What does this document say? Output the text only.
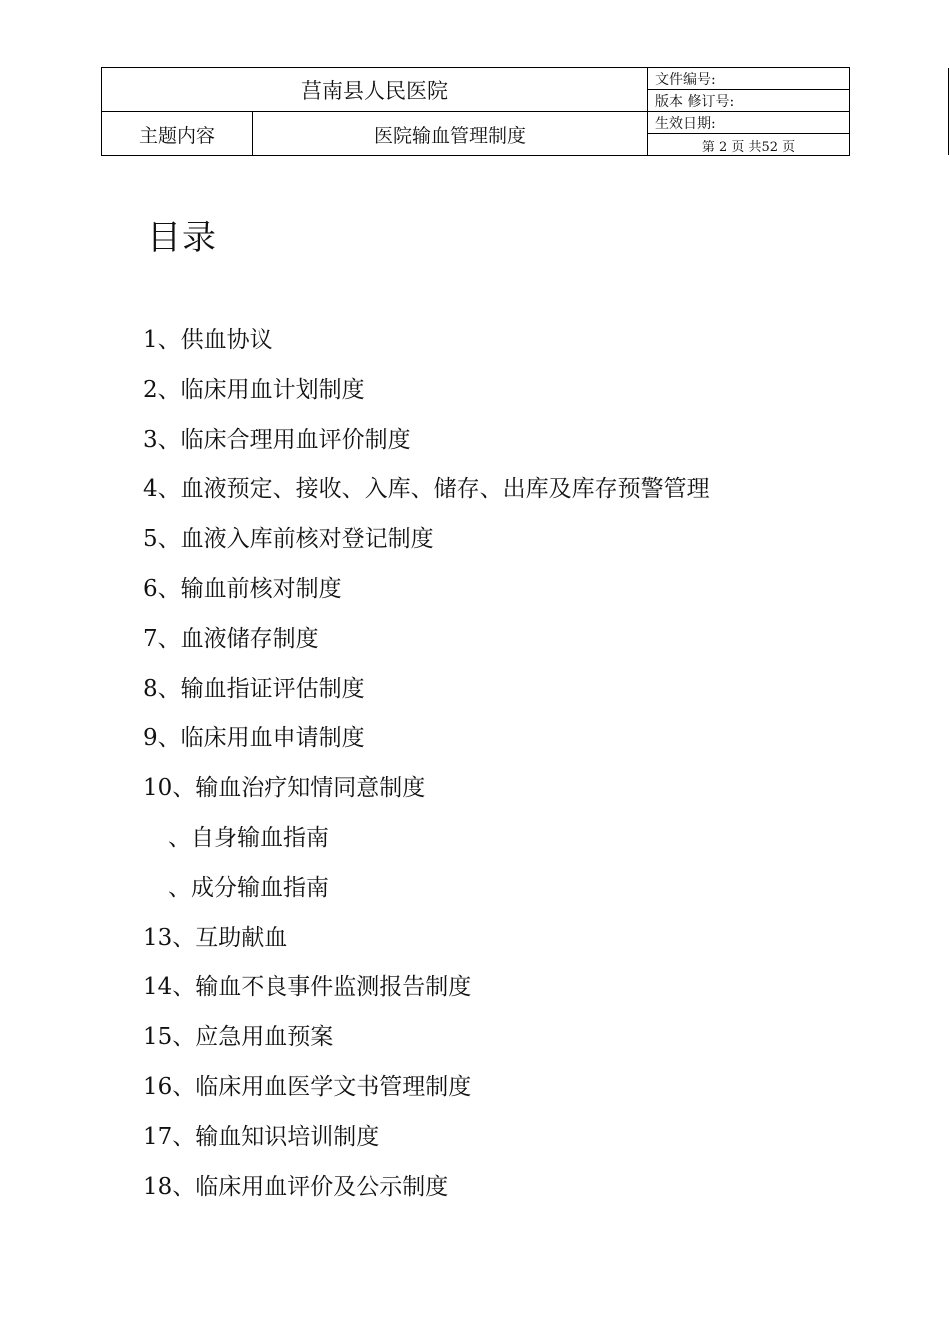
莒南县人民医院
主题内容	医院输血管理制度
文件编号:
版本 修订号:
生效日期:
第 2 页 共52 页
目录
1、供血协议
2、临床用血计划制度
3、临床合理用血评价制度
4、血液预定、接收、入库、储存、出库及库存预警管理
5、血液入库前核对登记制度
6、输血前核对制度
7、血液储存制度
8、输血指证评估制度
9、临床用血申请制度
10、输血治疗知情同意制度
、自身输血指南
、成分输血指南
13、互助献血
14、输血不良事件监测报告制度
15、应急用血预案
16、临床用血医学文书管理制度
17、输血知识培训制度
18、临床用血评价及公示制度
